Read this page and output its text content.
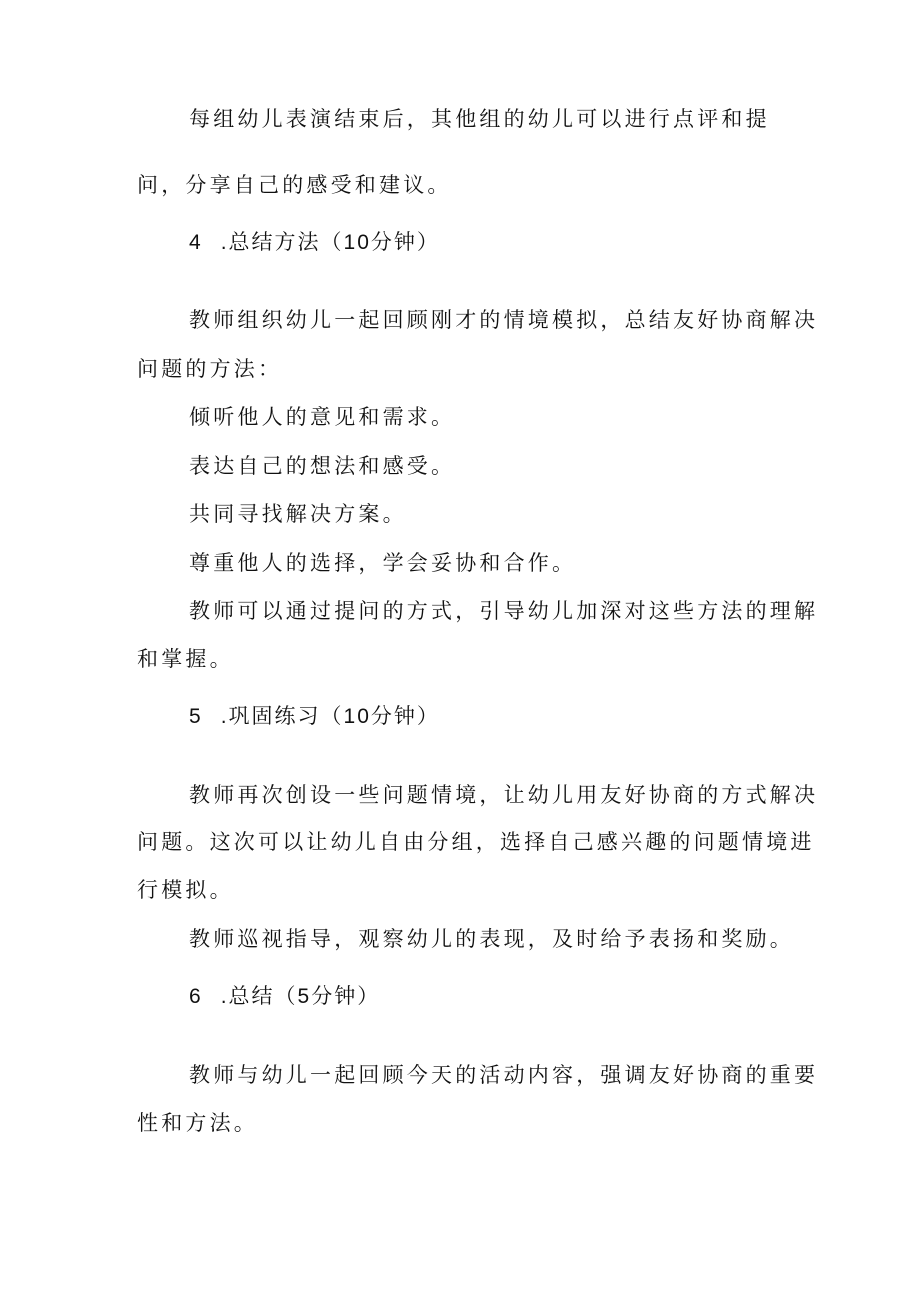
每组幼儿表演结束后，其他组的幼儿可以进行点评和提
问，分享自己的感受和建议。
4 .总结方法（10分钟）
教师组织幼儿一起回顾刚才的情境模拟，总结友好协商解决
问题的方法：
倾听他人的意见和需求。
表达自己的想法和感受。
共同寻找解决方案。
尊重他人的选择，学会妥协和合作。
教师可以通过提问的方式，引导幼儿加深对这些方法的理解
和掌握。
5 .巩固练习（10分钟）
教师再次创设一些问题情境，让幼儿用友好协商的方式解决
问题。这次可以让幼儿自由分组，选择自己感兴趣的问题情境进
行模拟。
教师巡视指导，观察幼儿的表现，及时给予表扬和奖励。
6 .总结（5分钟）
教师与幼儿一起回顾今天的活动内容，强调友好协商的重要
性和方法。
